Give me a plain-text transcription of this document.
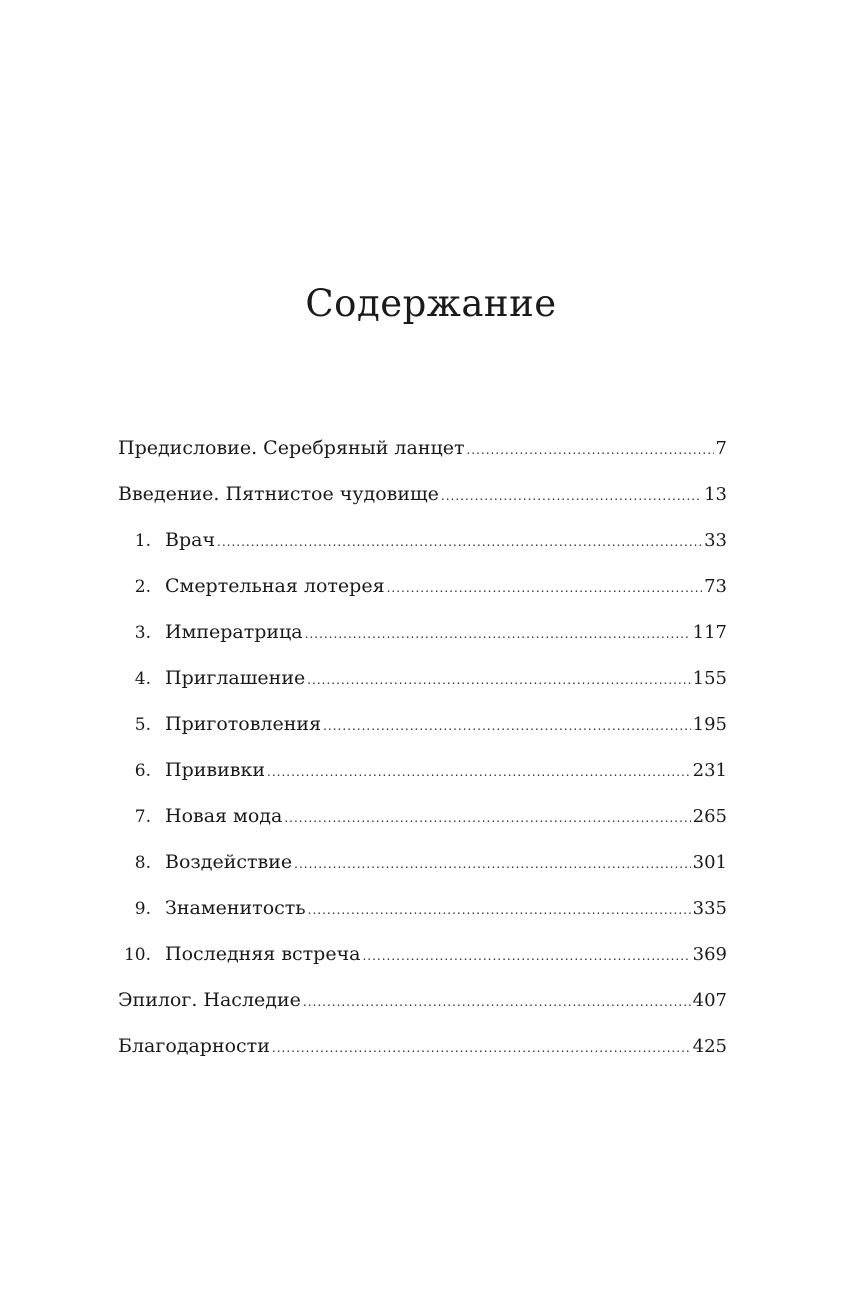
Содержание
Предисловие. Серебряный ланцет .....	7
Введение. Пятнистое чудовище .....	13
1. Врач .....	33
2. Смертельная лотерея .....	73
3. Императрица .....	117
4. Приглашение .....	155
5. Приготовления .....	195
6. Прививки .....	231
7. Новая мода .....	265
8. Воздействие .....	301
9. Знаменитость .....	335
10. Последняя встреча .....	369
Эпилог. Наследие .....	407
Благодарности .....	425
